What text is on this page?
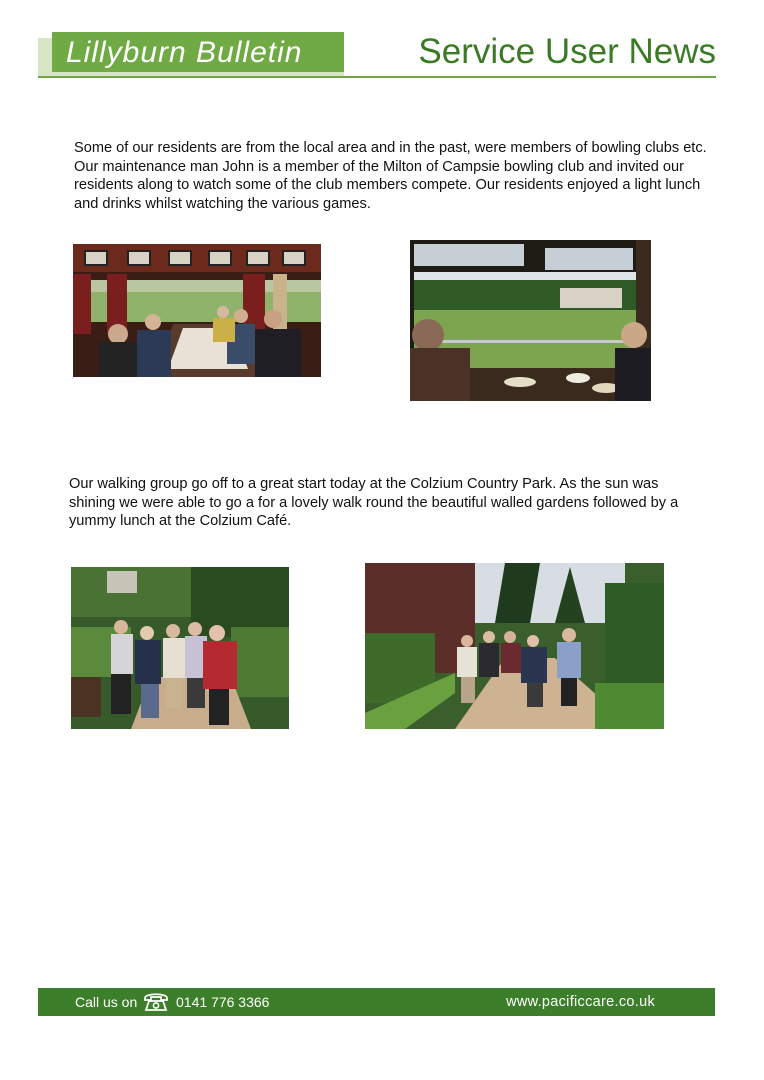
Lillyburn Bulletin	Service User News

Some of our residents are from the local area and in the past, were members of bowling clubs etc. Our maintenance man John is a member of the Milton of Campsie bowling club and invited our residents along to watch some of the club members compete. Our residents enjoyed a light lunch and drinks whilst watching the various games.

Our walking group go off to a great start today at the Colzium Country Park. As the sun was shining we were able to go a for a lovely walk round the beautiful walled gardens followed by a yummy lunch at the Colzium Café.

Call us on	0141 776 3366	www.pacificcare.co.uk
